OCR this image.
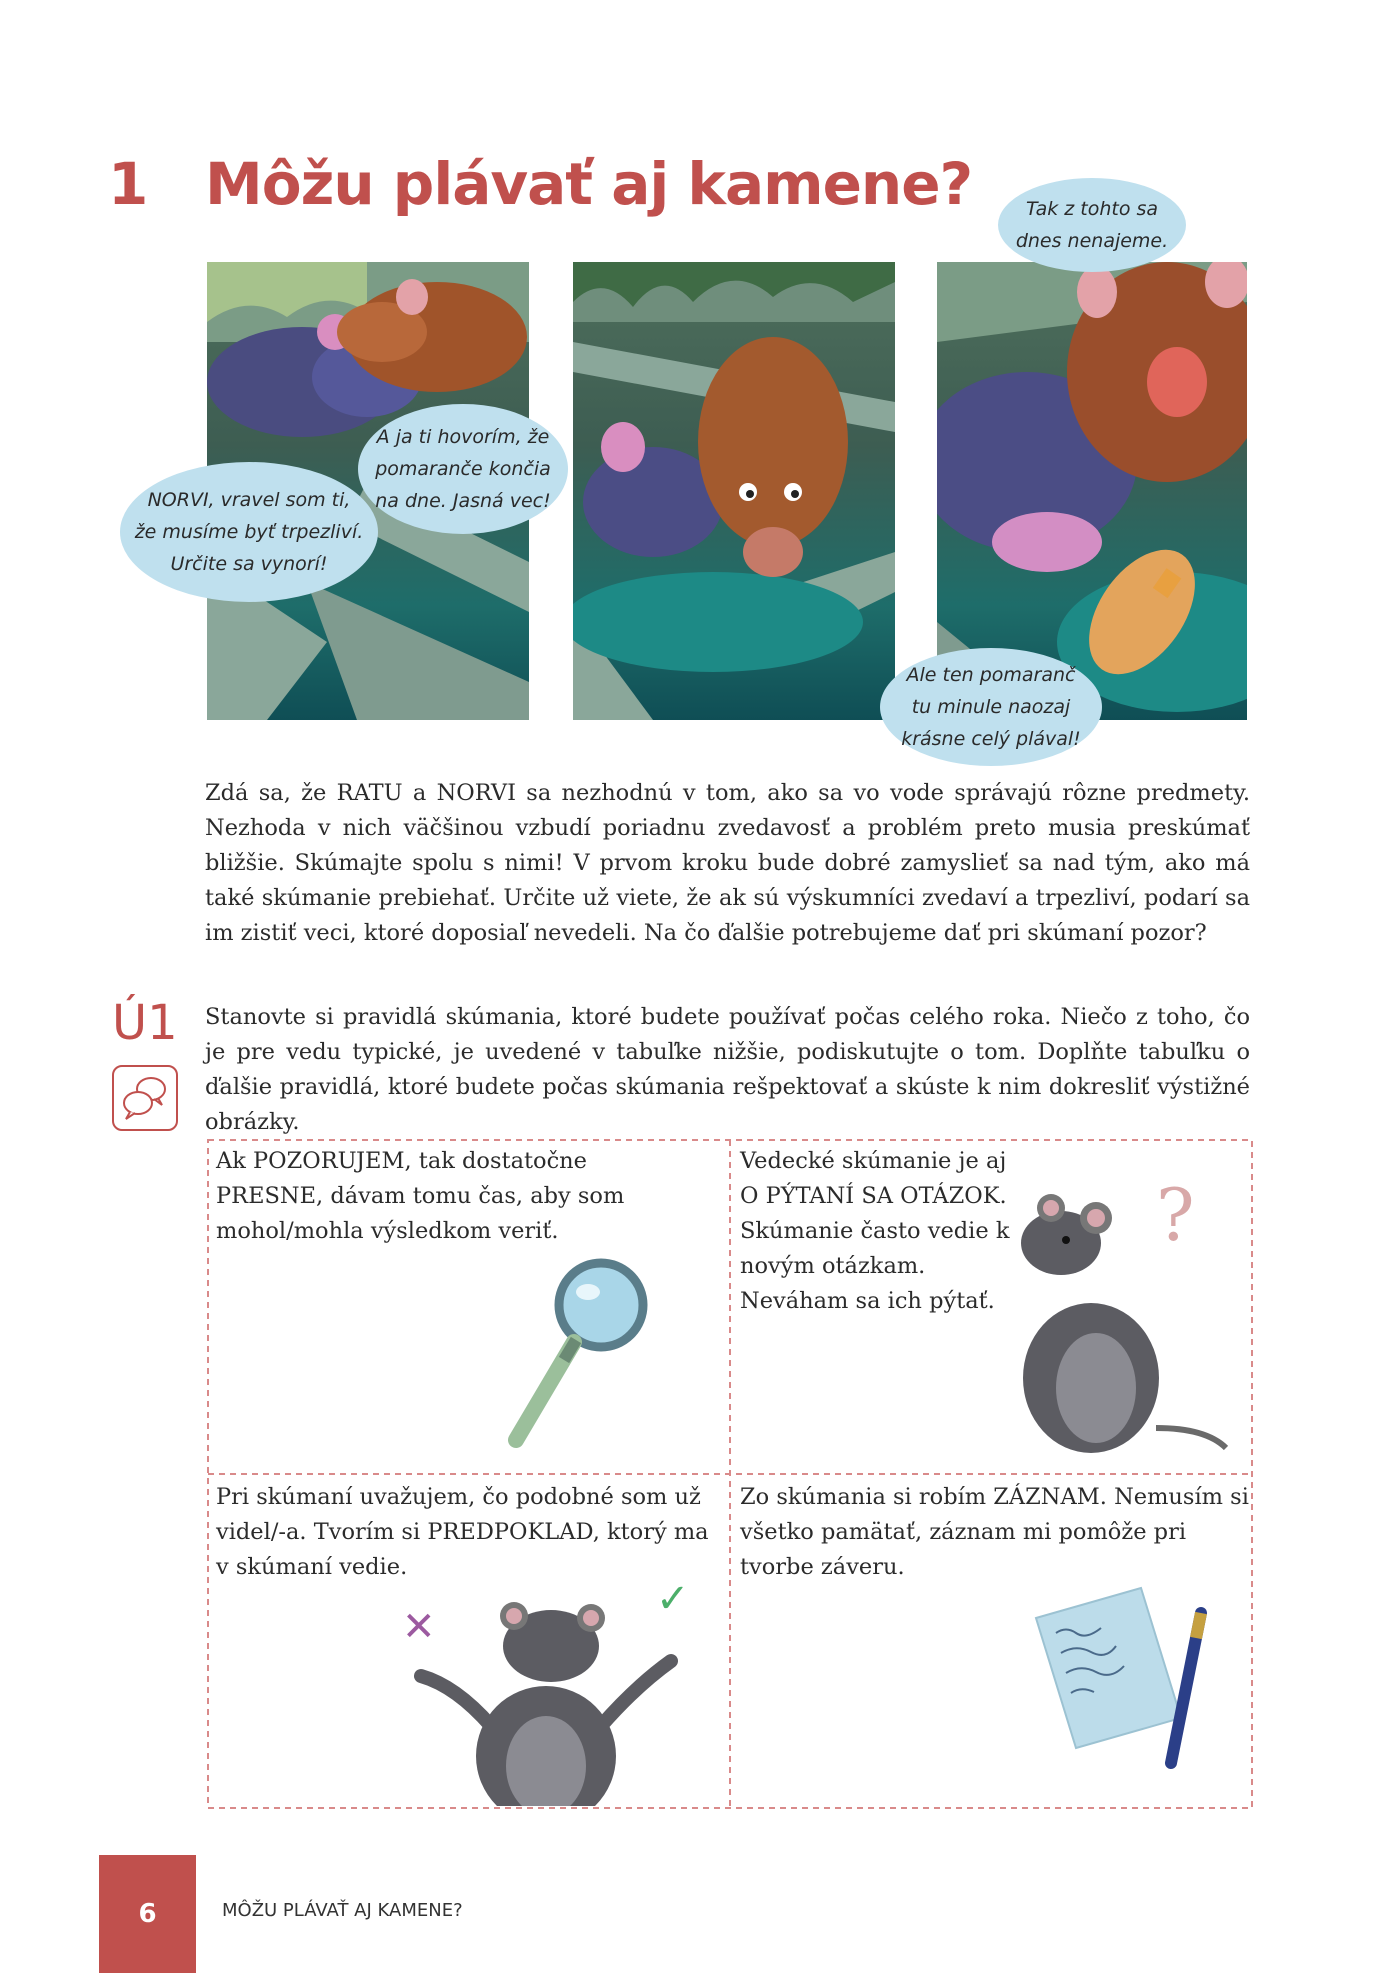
1 Môžu plávať aj kamene?
A ja ti hovorím, že pomaranče končia na dne. Jasná vec!
NORVI, vravel som ti, že musíme byť trpezliví. Určite sa vynorí!
Tak z tohto sa dnes nenajeme.
Ale ten pomaranč tu minule naozaj krásne celý plával!

Zdá sa, že RATU a NORVI sa nezhodnú v tom, ako sa vo vode správajú rôzne predmety. Nezhoda v nich väčšinou vzbudí poriadnu zvedavosť a problém preto musia preskúmať bližšie. Skúmajte spolu s nimi! V prvom kroku bude dobré zamyslieť sa nad tým, ako má také skúmanie prebiehať. Určite už viete, že ak sú výskumníci zvedaví a trpezliví, podarí sa im zistiť veci, ktoré doposiaľ nevedeli. Na čo ďalšie potrebujeme dať pri skúmaní pozor?

Ú1 Stanovte si pravidlá skúmania, ktoré budete používať počas celého roka. Niečo z toho, čo je pre vedu typické, je uvedené v tabuľke nižšie, podiskutujte o tom. Doplňte tabuľku o ďalšie pravidlá, ktoré budete počas skúmania rešpektovať a skúste k nim dokresliť výstižné obrázky.

Ak POZORUJEM, tak dostatočne PRESNE, dávam tomu čas, aby som mohol/mohla výsledkom veriť.
Vedecké skúmanie je aj O PÝTANÍ SA OTÁZOK. Skúmanie často vedie k novým otázkam. Neváham sa ich pýtať.
?
Pri skúmaní uvažujem, čo podobné som už videl/-a. Tvorím si PREDPOKLAD, ktorý ma v skúmaní vedie.
✕
✓
Zo skúmania si robím ZÁZNAM. Nemusím si všetko pamätať, záznam mi pomôže pri tvorbe záveru.
6	MÔŽU PLÁVAŤ AJ KAMENE?
